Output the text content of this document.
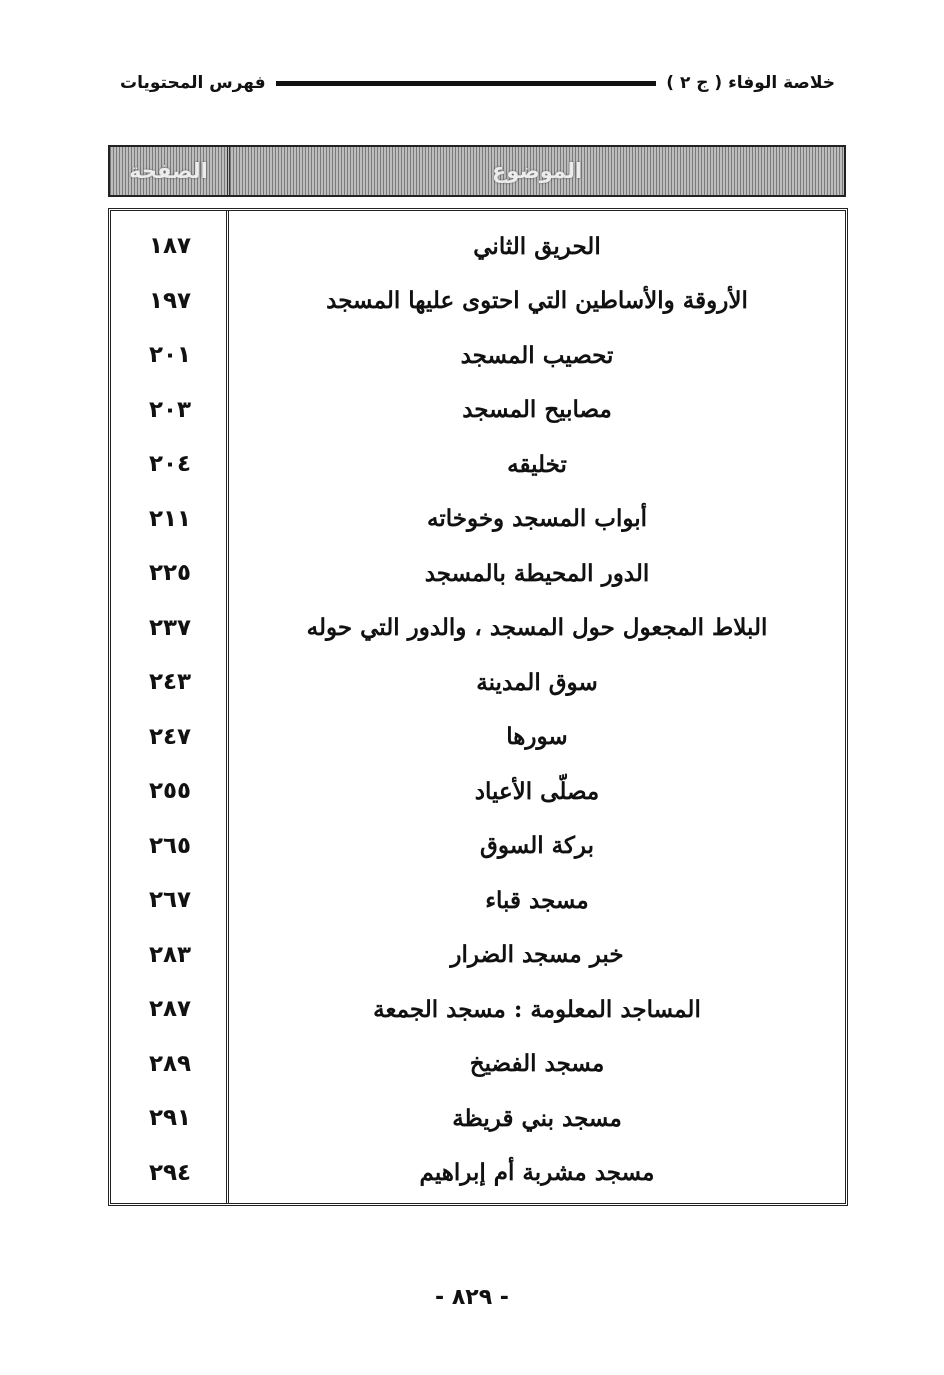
خلاصة الوفاء ( ج ٢ )
فهرس المحتويات
الموضوع
الصفحة
الحريق الثاني
١٨٧
الأروقة والأساطين التي احتوى عليها المسجد
١٩٧
تحصيب المسجد
٢٠١
مصابيح المسجد
٢٠٣
تخليقه
٢٠٤
أبواب المسجد وخوخاته
٢١١
الدور المحيطة بالمسجد
٢٢٥
البلاط المجعول حول المسجد ، والدور التي حوله
٢٣٧
سوق المدينة
٢٤٣
سورها
٢٤٧
مصلّى الأعياد
٢٥٥
بركة السوق
٢٦٥
مسجد قباء
٢٦٧
خبر مسجد الضرار
٢٨٣
المساجد المعلومة : مسجد الجمعة
٢٨٧
مسجد الفضيخ
٢٨٩
مسجد بني قريظة
٢٩١
مسجد مشربة أم إبراهيم
٢٩٤
- ٨٢٩ -
